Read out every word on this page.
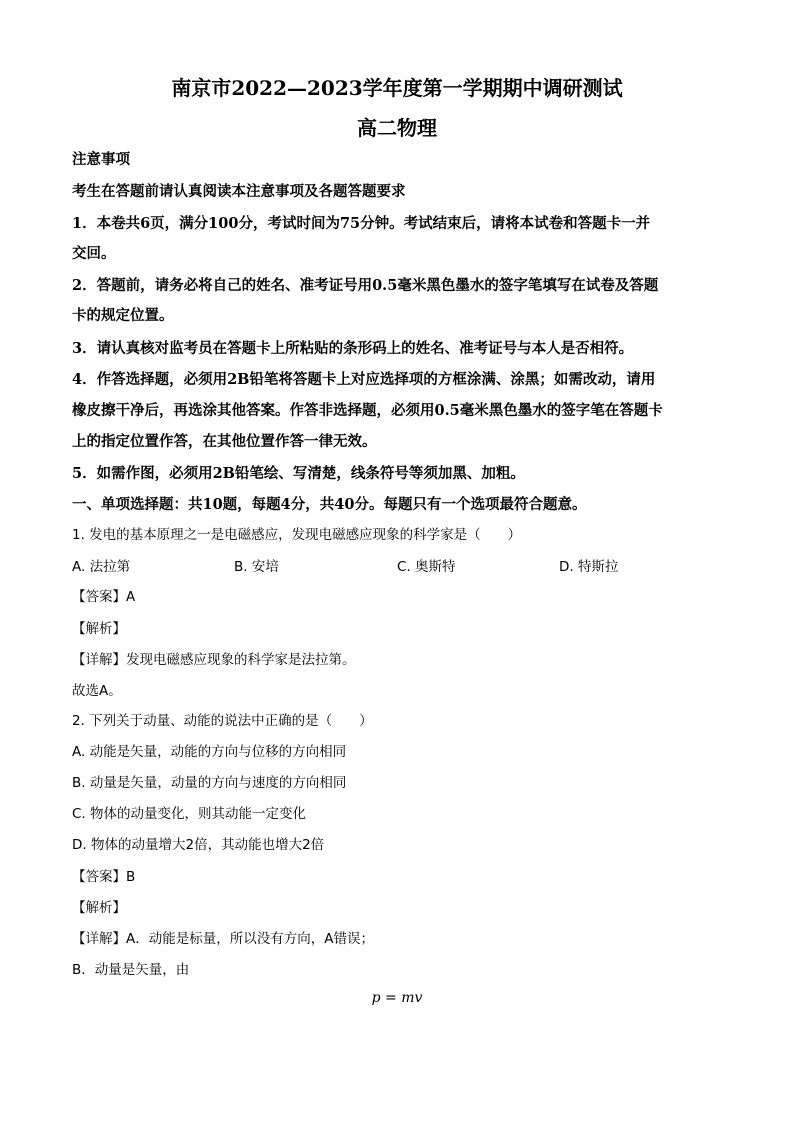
南京市2022—2023学年度第一学期期中调研测试
高二物理
注意事项
考生在答题前请认真阅读本注意事项及各题答题要求
1．本卷共6页，满分100分，考试时间为75分钟。考试结束后，请将本试卷和答题卡一并
交回。
2．答题前，请务必将自己的姓名、准考证号用0.5毫米黑色墨水的签字笔填写在试卷及答题
卡的规定位置。
3．请认真核对监考员在答题卡上所粘贴的条形码上的姓名、准考证号与本人是否相符。
4．作答选择题，必须用2B铅笔将答题卡上对应选择项的方框涂满、涂黑；如需改动，请用
橡皮擦干净后，再选涂其他答案。作答非选择题，必须用0.5毫米黑色墨水的签字笔在答题卡
上的指定位置作答，在其他位置作答一律无效。
5．如需作图，必须用2B铅笔绘、写清楚，线条符号等须加黑、加粗。
一、单项选择题：共10题，每题4分，共40分。每题只有一个选项最符合题意。
1. 发电的基本原理之一是电磁感应，发现电磁感应现象的科学家是（　　）
A. 法拉第	B. 安培	C. 奥斯特	D. 特斯拉
【答案】A
【解析】
【详解】发现电磁感应现象的科学家是法拉第。
故选A。
2. 下列关于动量、动能的说法中正确的是（　　）
A. 动能是矢量，动能的方向与位移的方向相同
B. 动量是矢量，动量的方向与速度的方向相同
C. 物体的动量变化，则其动能一定变化
D. 物体的动量增大2倍，其动能也增大2倍
【答案】B
【解析】
【详解】A．动能是标量，所以没有方向，A错误；
B．动量是矢量，由
p = mv
